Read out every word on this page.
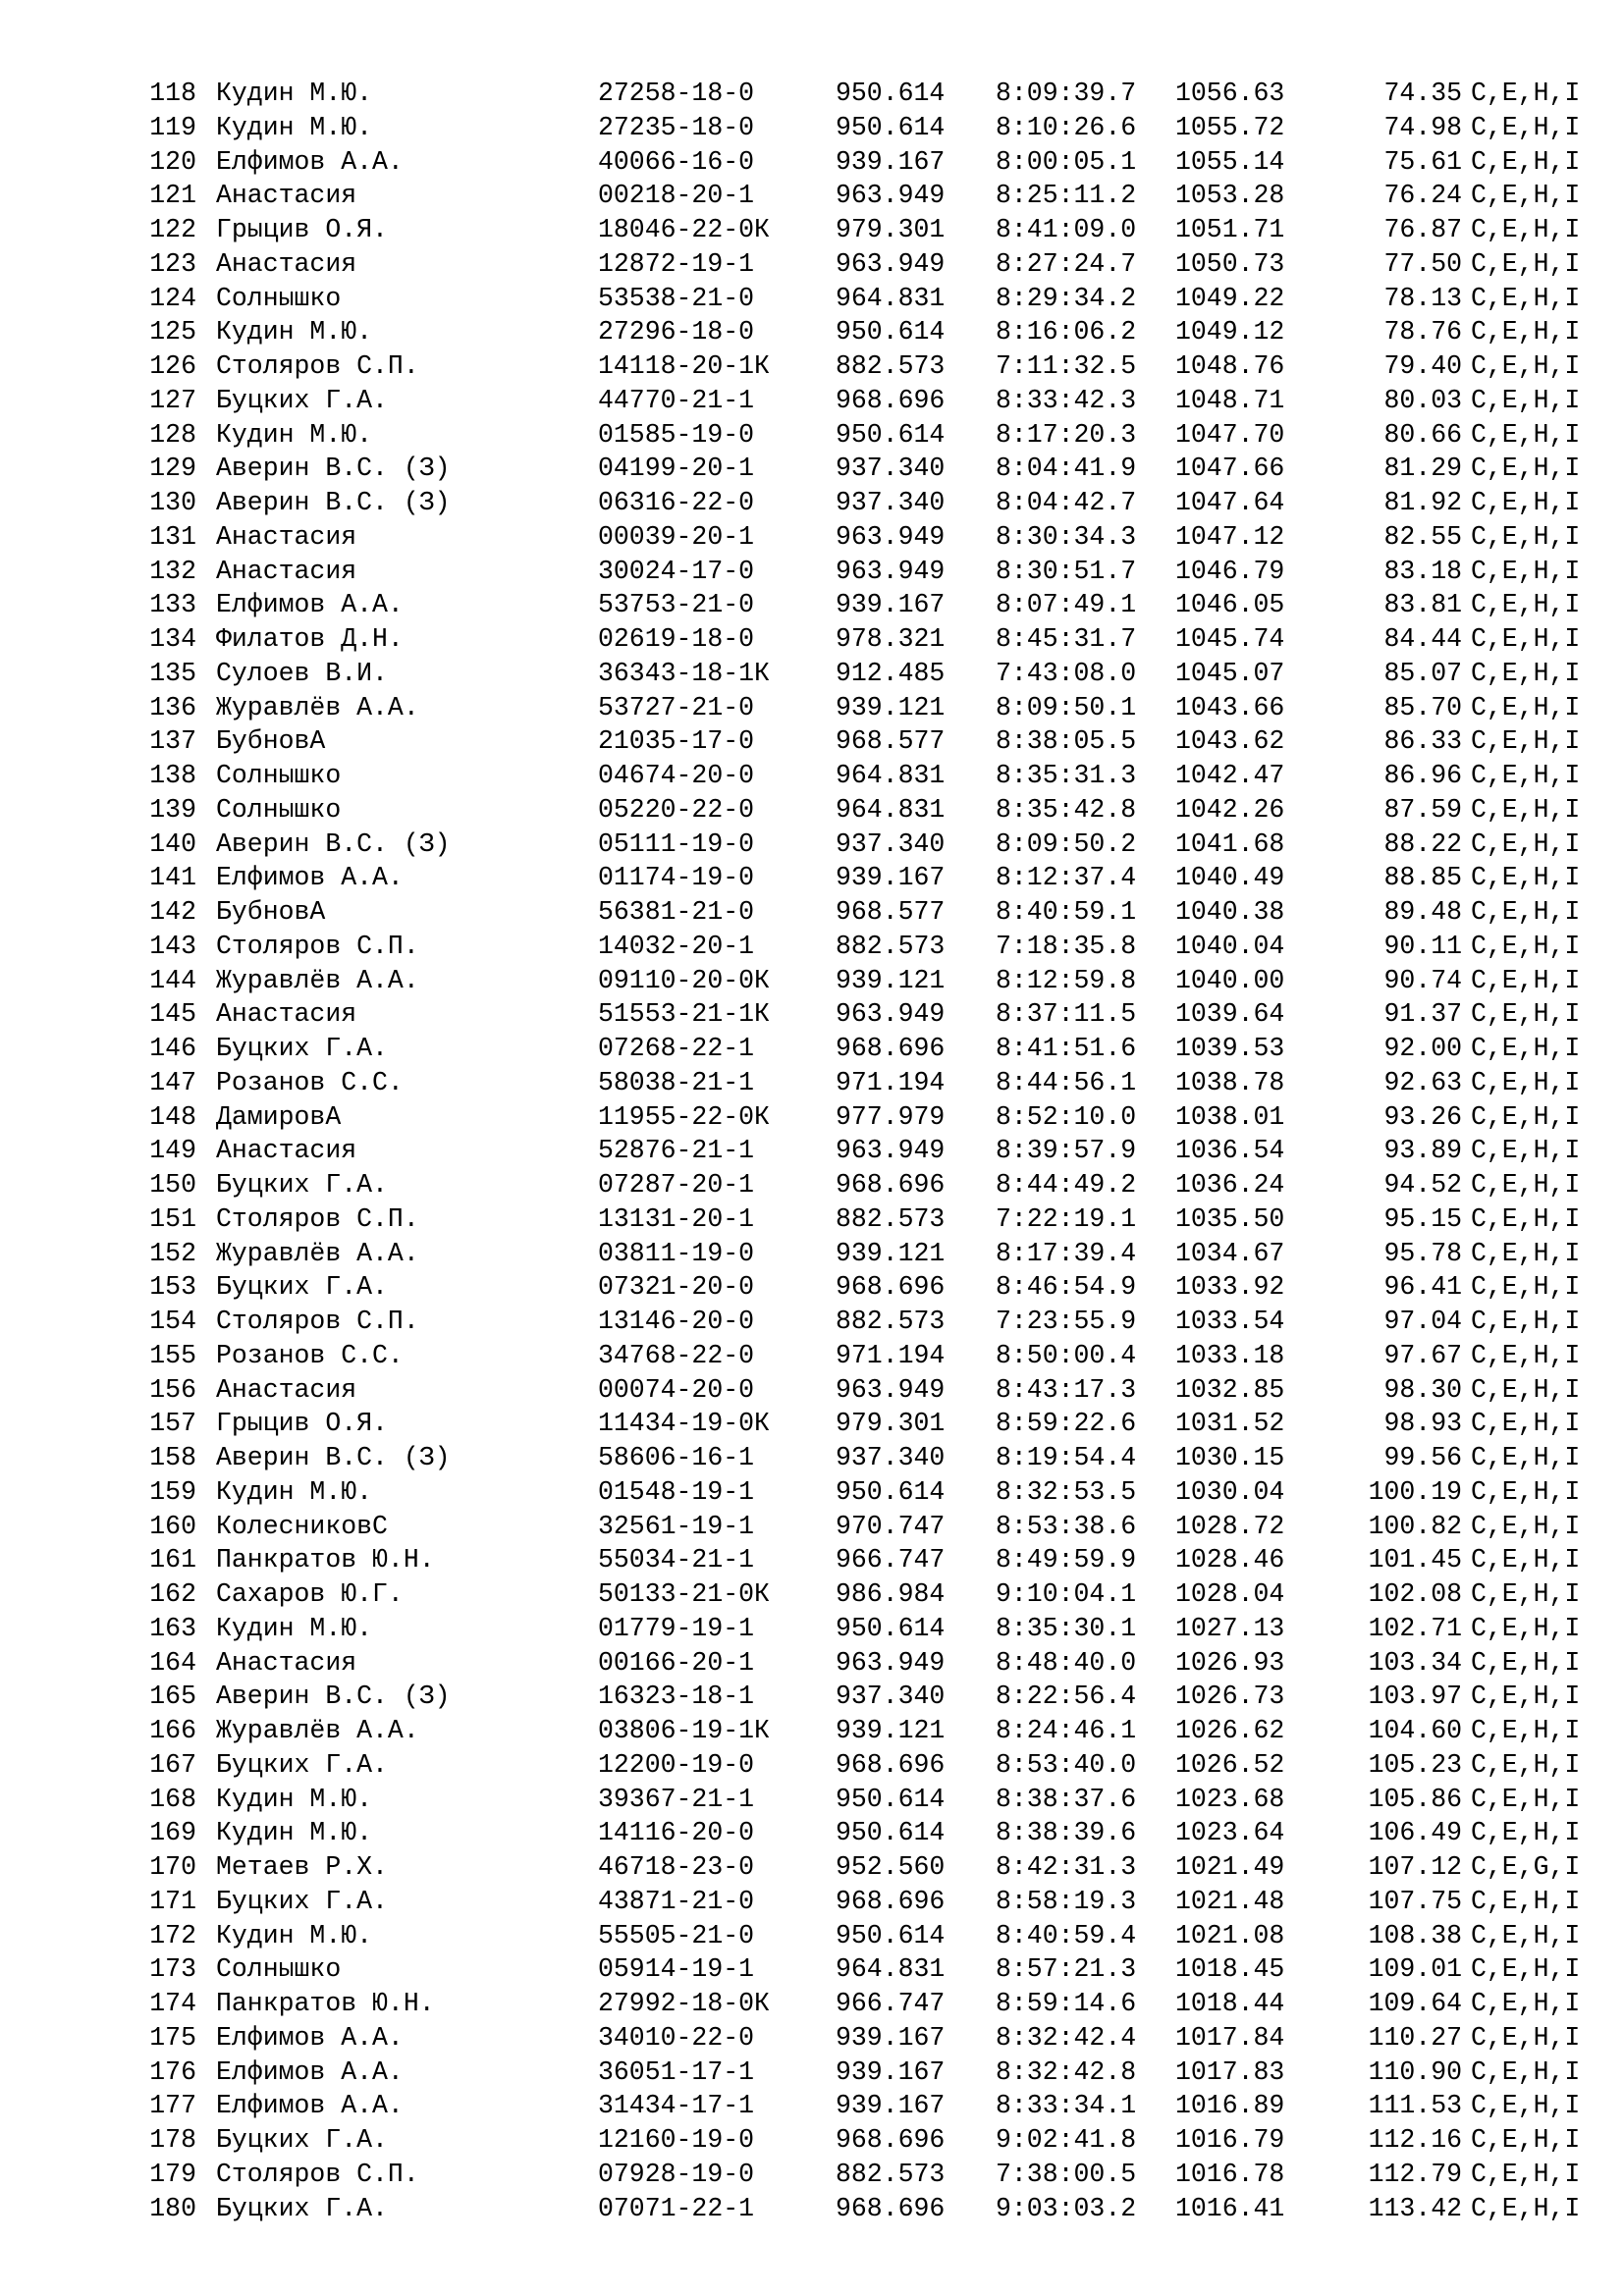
118 Кудин М.Ю.	27258-18-0	950.614 8:09:39.7 1056.63	74.35 C,E,H,I
119 Кудин М.Ю.	27235-18-0	950.614 8:10:26.6 1055.72	74.98 C,E,H,I
120 Елфимов А.А.	40066-16-0	939.167 8:00:05.1 1055.14	75.61 C,E,H,I
121 Анастасия	00218-20-1	963.949 8:25:11.2 1053.28	76.24 C,E,H,I
122 Грыцив О.Я.	18046-22-0К	979.301 8:41:09.0 1051.71	76.87 C,E,H,I
123 Анастасия	12872-19-1	963.949 8:27:24.7 1050.73	77.50 C,E,H,I
124 Солнышко	53538-21-0	964.831 8:29:34.2 1049.22	78.13 C,E,H,I
125 Кудин М.Ю.	27296-18-0	950.614 8:16:06.2 1049.12	78.76 C,E,H,I
126 Столяров С.П.	14118-20-1К	882.573 7:11:32.5 1048.76	79.40 C,E,H,I
127 Буцких Г.А.	44770-21-1	968.696 8:33:42.3 1048.71	80.03 C,E,H,I
128 Кудин М.Ю.	01585-19-0	950.614 8:17:20.3 1047.70	80.66 C,E,H,I
129 Аверин В.С. (З)	04199-20-1	937.340 8:04:41.9 1047.66	81.29 C,E,H,I
130 Аверин В.С. (З)	06316-22-0	937.340 8:04:42.7 1047.64	81.92 C,E,H,I
131 Анастасия	00039-20-1	963.949 8:30:34.3 1047.12	82.55 C,E,H,I
132 Анастасия	30024-17-0	963.949 8:30:51.7 1046.79	83.18 C,E,H,I
133 Елфимов А.А.	53753-21-0	939.167 8:07:49.1 1046.05	83.81 C,E,H,I
134 Филатов Д.Н.	02619-18-0	978.321 8:45:31.7 1045.74	84.44 C,E,H,I
135 Сулоев В.И.	36343-18-1К	912.485 7:43:08.0 1045.07	85.07 C,E,H,I
136 Журавлёв А.А.	53727-21-0	939.121 8:09:50.1 1043.66	85.70 C,E,H,I
137 БубновА	21035-17-0	968.577 8:38:05.5 1043.62	86.33 C,E,H,I
138 Солнышко	04674-20-0	964.831 8:35:31.3 1042.47	86.96 C,E,H,I
139 Солнышко	05220-22-0	964.831 8:35:42.8 1042.26	87.59 C,E,H,I
140 Аверин В.С. (З)	05111-19-0	937.340 8:09:50.2 1041.68	88.22 C,E,H,I
141 Елфимов А.А.	01174-19-0	939.167 8:12:37.4 1040.49	88.85 C,E,H,I
142 БубновА	56381-21-0	968.577 8:40:59.1 1040.38	89.48 C,E,H,I
143 Столяров С.П.	14032-20-1	882.573 7:18:35.8 1040.04	90.11 C,E,H,I
144 Журавлёв А.А.	09110-20-0К	939.121 8:12:59.8 1040.00	90.74 C,E,H,I
145 Анастасия	51553-21-1К	963.949 8:37:11.5 1039.64	91.37 C,E,H,I
146 Буцких Г.А.	07268-22-1	968.696 8:41:51.6 1039.53	92.00 C,E,H,I
147 Розанов С.С.	58038-21-1	971.194 8:44:56.1 1038.78	92.63 C,E,H,I
148 ДамировА	11955-22-0К	977.979 8:52:10.0 1038.01	93.26 C,E,H,I
149 Анастасия	52876-21-1	963.949 8:39:57.9 1036.54	93.89 C,E,H,I
150 Буцких Г.А.	07287-20-1	968.696 8:44:49.2 1036.24	94.52 C,E,H,I
151 Столяров С.П.	13131-20-1	882.573 7:22:19.1 1035.50	95.15 C,E,H,I
152 Журавлёв А.А.	03811-19-0	939.121 8:17:39.4 1034.67	95.78 C,E,H,I
153 Буцких Г.А.	07321-20-0	968.696 8:46:54.9 1033.92	96.41 C,E,H,I
154 Столяров С.П.	13146-20-0	882.573 7:23:55.9 1033.54	97.04 C,E,H,I
155 Розанов С.С.	34768-22-0	971.194 8:50:00.4 1033.18	97.67 C,E,H,I
156 Анастасия	00074-20-0	963.949 8:43:17.3 1032.85	98.30 C,E,H,I
157 Грыцив О.Я.	11434-19-0К	979.301 8:59:22.6 1031.52	98.93 C,E,H,I
158 Аверин В.С. (З)	58606-16-1	937.340 8:19:54.4 1030.15	99.56 C,E,H,I
159 Кудин М.Ю.	01548-19-1	950.614 8:32:53.5 1030.04	100.19 C,E,H,I
160 КолесниковС	32561-19-1	970.747 8:53:38.6 1028.72	100.82 C,E,H,I
161 Панкратов Ю.Н.	55034-21-1	966.747 8:49:59.9 1028.46	101.45 C,E,H,I
162 Сахаров Ю.Г.	50133-21-0К	986.984 9:10:04.1 1028.04	102.08 C,E,H,I
163 Кудин М.Ю.	01779-19-1	950.614 8:35:30.1 1027.13	102.71 C,E,H,I
164 Анастасия	00166-20-1	963.949 8:48:40.0 1026.93	103.34 C,E,H,I
165 Аверин В.С. (З)	16323-18-1	937.340 8:22:56.4 1026.73	103.97 C,E,H,I
166 Журавлёв А.А.	03806-19-1К	939.121 8:24:46.1 1026.62	104.60 C,E,H,I
167 Буцких Г.А.	12200-19-0	968.696 8:53:40.0 1026.52	105.23 C,E,H,I
168 Кудин М.Ю.	39367-21-1	950.614 8:38:37.6 1023.68	105.86 C,E,H,I
169 Кудин М.Ю.	14116-20-0	950.614 8:38:39.6 1023.64	106.49 C,E,H,I
170 Метаев Р.Х.	46718-23-0	952.560 8:42:31.3 1021.49	107.12 C,E,G,I
171 Буцких Г.А.	43871-21-0	968.696 8:58:19.3 1021.48	107.75 C,E,H,I
172 Кудин М.Ю.	55505-21-0	950.614 8:40:59.4 1021.08	108.38 C,E,H,I
173 Солнышко	05914-19-1	964.831 8:57:21.3 1018.45	109.01 C,E,H,I
174 Панкратов Ю.Н.	27992-18-0К	966.747 8:59:14.6 1018.44	109.64 C,E,H,I
175 Елфимов А.А.	34010-22-0	939.167 8:32:42.4 1017.84	110.27 C,E,H,I
176 Елфимов А.А.	36051-17-1	939.167 8:32:42.8 1017.83	110.90 C,E,H,I
177 Елфимов А.А.	31434-17-1	939.167 8:33:34.1 1016.89	111.53 C,E,H,I
178 Буцких Г.А.	12160-19-0	968.696 9:02:41.8 1016.79	112.16 C,E,H,I
179 Столяров С.П.	07928-19-0	882.573 7:38:00.5 1016.78	112.79 C,E,H,I
180 Буцких Г.А.	07071-22-1	968.696 9:03:03.2 1016.41	113.42 C,E,H,I
